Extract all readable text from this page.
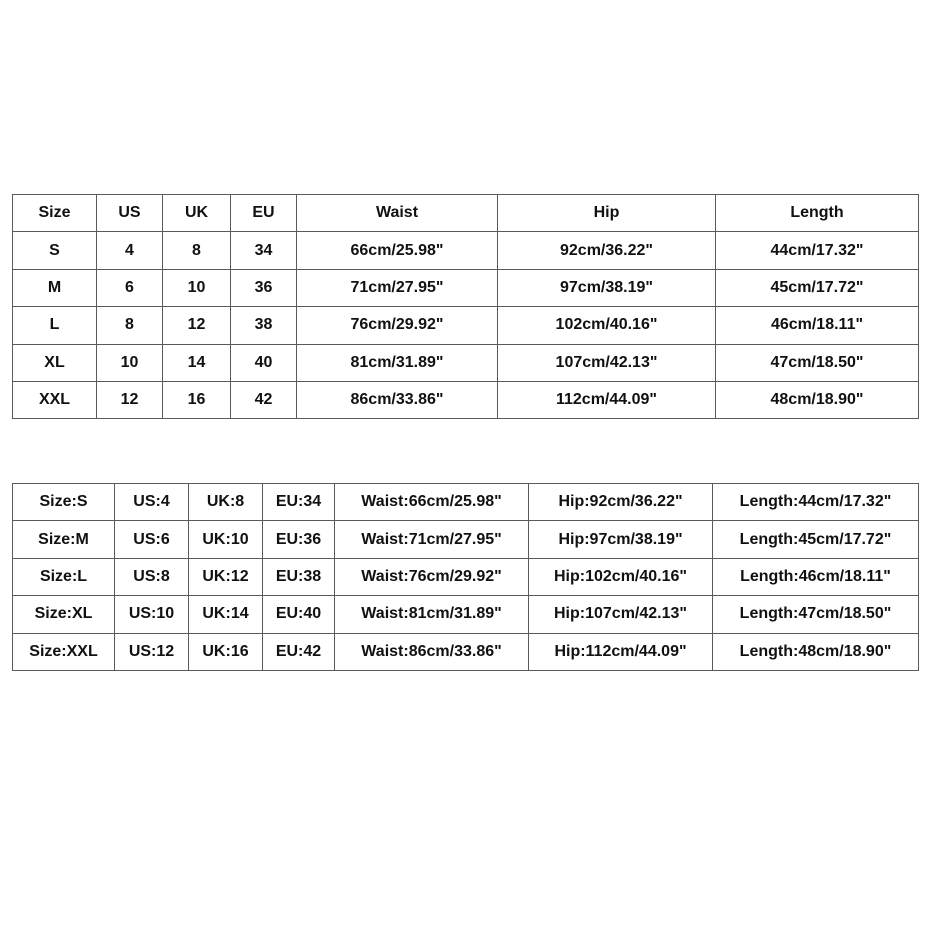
Size	US	UK	EU	Waist	Hip	Length
S	4	8	34	66cm/25.98"	92cm/36.22"	44cm/17.32"
M	6	10	36	71cm/27.95"	97cm/38.19"	45cm/17.72"
L	8	12	38	76cm/29.92"	102cm/40.16"	46cm/18.11"
XL	10	14	40	81cm/31.89"	107cm/42.13"	47cm/18.50"
XXL	12	16	42	86cm/33.86"	112cm/44.09"	48cm/18.90"
Size:S	US:4	UK:8	EU:34	Waist:66cm/25.98"	Hip:92cm/36.22"	Length:44cm/17.32"
Size:M	US:6	UK:10	EU:36	Waist:71cm/27.95"	Hip:97cm/38.19"	Length:45cm/17.72"
Size:L	US:8	UK:12	EU:38	Waist:76cm/29.92"	Hip:102cm/40.16"	Length:46cm/18.11"
Size:XL	US:10	UK:14	EU:40	Waist:81cm/31.89"	Hip:107cm/42.13"	Length:47cm/18.50"
Size:XXL	US:12	UK:16	EU:42	Waist:86cm/33.86"	Hip:112cm/44.09"	Length:48cm/18.90"
